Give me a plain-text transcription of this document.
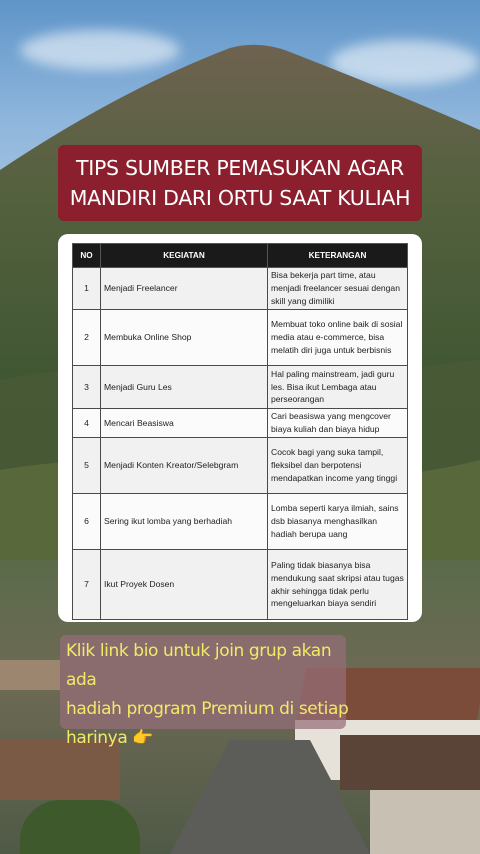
TIPS SUMBER PEMASUKAN AGAR
MANDIRI DARI ORTU SAAT KULIAH
NO	KEGIATAN	KETERANGAN
1	Menjadi Freelancer	Bisa bekerja part time, atau menjadi freelancer sesuai dengan skill yang dimiliki
2	Membuka Online Shop	Membuat toko online baik di sosial media atau e-commerce, bisa melatih diri juga untuk berbisnis
3	Menjadi Guru Les	Hal paling mainstream, jadi guru les. Bisa ikut Lembaga atau perseorangan
4	Mencari Beasiswa	Cari beasiswa yang mengcover biaya kuliah dan biaya hidup
5	Menjadi Konten Kreator/Selebgram	Cocok bagi yang suka tampil, fleksibel dan berpotensi mendapatkan income yang tinggi
6	Sering ikut lomba yang berhadiah	Lomba seperti karya ilmiah, sains dsb biasanya menghasilkan hadiah berupa uang
7	Ikut Proyek Dosen	Paling tidak biasanya bisa mendukung saat skripsi atau tugas akhir sehingga tidak perlu mengeluarkan biaya sendiri
Klik link bio untuk join grup akan ada
hadiah program Premium di setiap
harinya 👉
